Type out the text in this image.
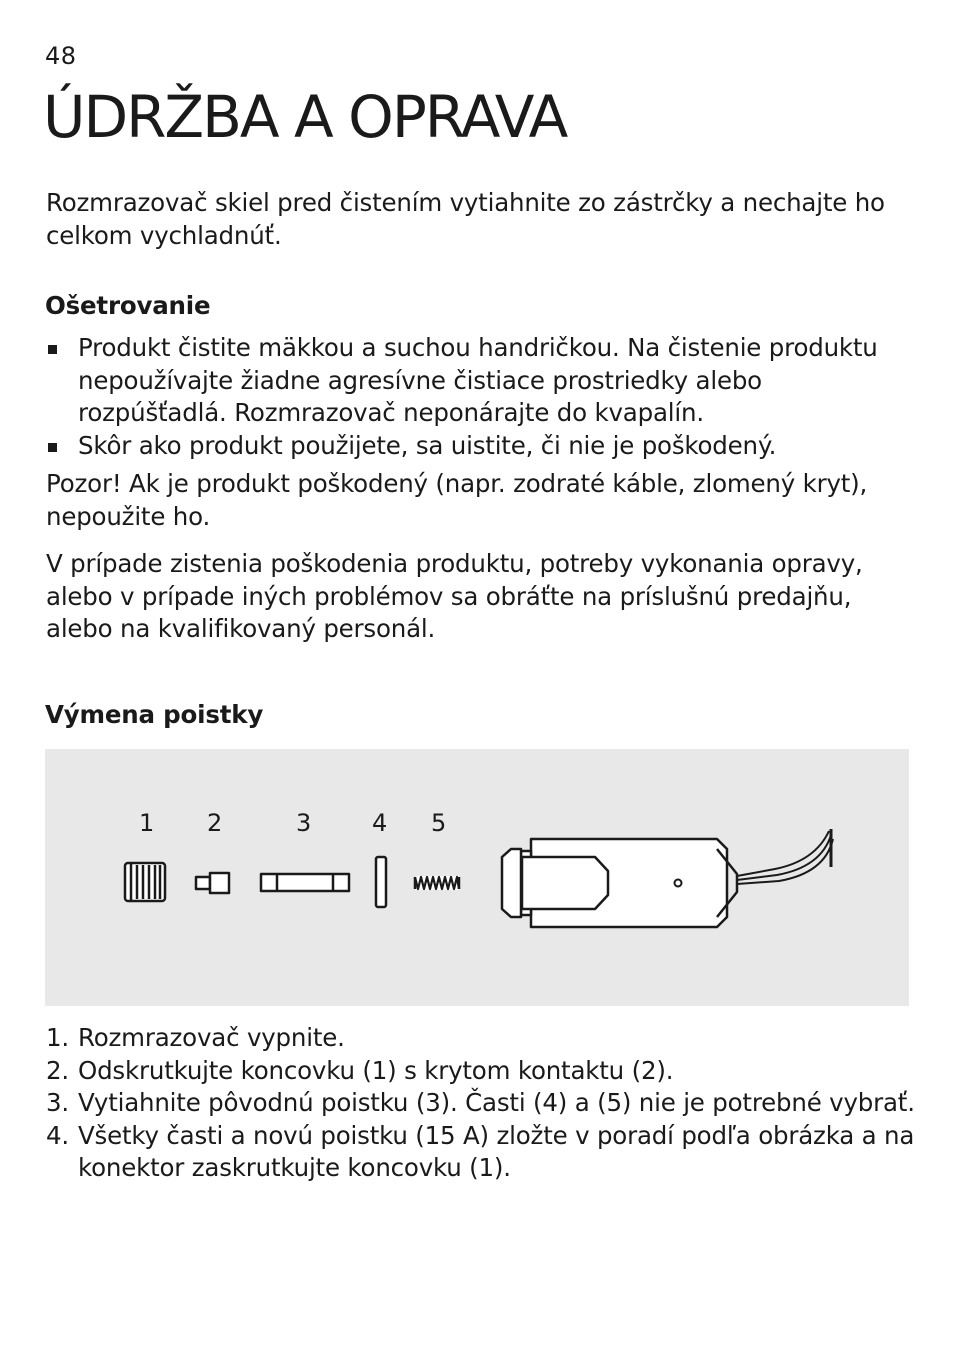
48
ÚDRŽBA A OPRAVA

Rozmrazovač skiel pred čistením vytiahnite zo zástrčky a nechajte ho celkom vychladnúť.

Ošetrovanie
Produkt čistite mäkkou a suchou handričkou. Na čistenie produktu nepoužívajte žiadne agresívne čistiace prostriedky alebo rozpúšťadlá. Rozmrazovač neponárajte do kvapalín.
Skôr ako produkt použijete, sa uistite, či nie je poškodený.

Pozor! Ak je produkt poškodený (napr. zodraté káble, zlomený kryt), nepoužite ho.

V prípade zistenia poškodenia produktu, potreby vykonania opravy, alebo v prípade iných problémov sa obráťte na príslušnú predajňu, alebo na kvalifikovaný personál.

Výmena poistky
1 2	3	4 5
1. Rozmrazovač vypnite.
2. Odskrutkujte koncovku (1) s krytom kontaktu (2).
3. Vytiahnite pôvodnú poistku (3). Časti (4) a (5) nie je potrebné vybrať.
4. Všetky časti a novú poistku (15 A) zložte v poradí podľa obrázka a na konektor zaskrutkujte koncovku (1).
